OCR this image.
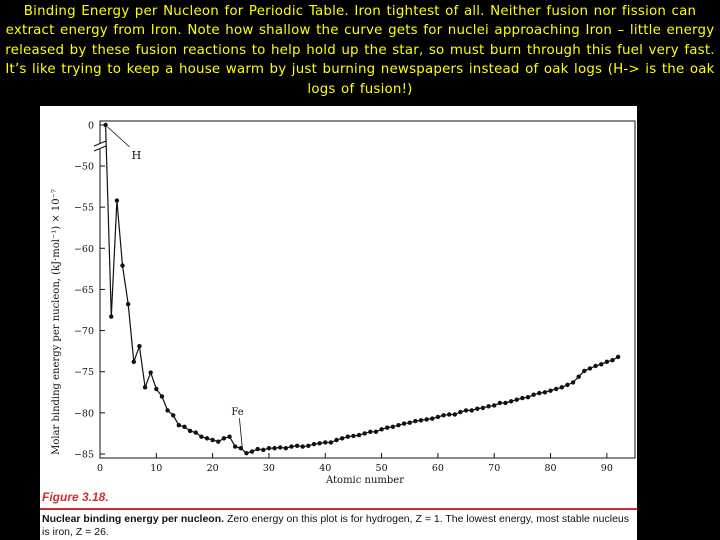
Binding Energy per Nucleon for Periodic Table. Iron tightest of all. Neither fusion nor fission can extract energy from Iron. Note how shallow the curve gets for nuclei approaching Iron – little energy released by these fusion reactions to help hold up the star, so must burn through this fuel very fast. It’s like trying to keep a house warm by just burning newspapers instead of oak logs (H-> is the oak logs of fusion!)
0
−50
−55
−60
−65
−70
−75
−80
−85
0	10	20	30	40	50	60	70	80	90
H
Fe
Molar binding energy per nucleon, (kJ·mol⁻¹) × 10⁻⁷
Atomic number
Figure 3.18.
Nuclear binding energy per nucleon. Zero energy on this plot is for hydrogen, Z = 1. The lowest energy, most stable nucleus is iron, Z = 26.
